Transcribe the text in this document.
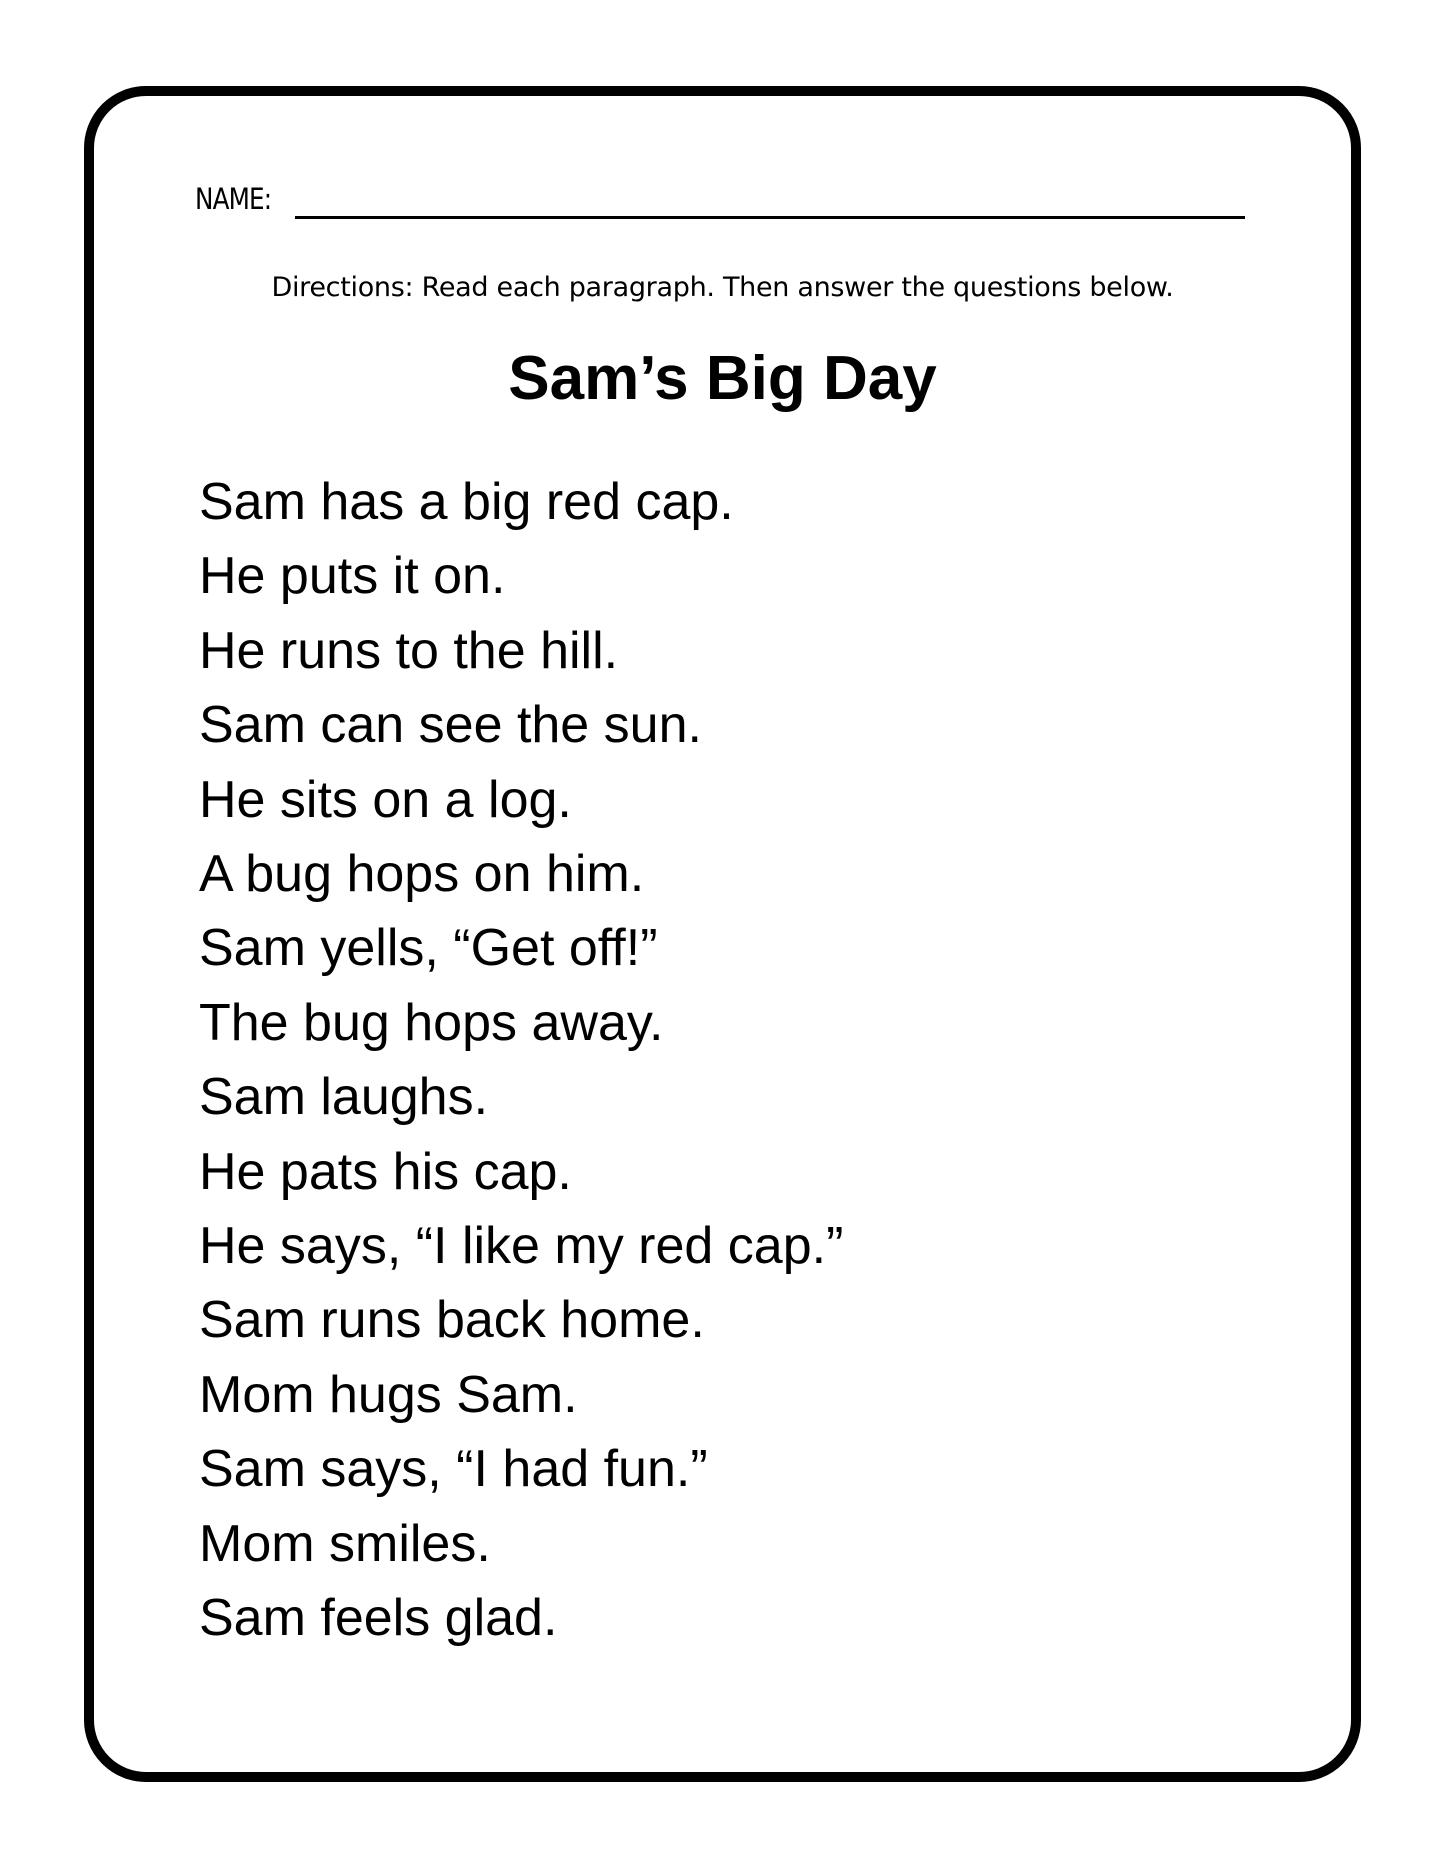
NAME:
Directions: Read each paragraph. Then answer the questions below.
Sam’s Big Day
Sam has a big red cap.
He puts it on.
He runs to the hill.
Sam can see the sun.
He sits on a log.
A bug hops on him.
Sam yells, “Get off!”
The bug hops away.
Sam laughs.
He pats his cap.
He says, “I like my red cap.”
Sam runs back home.
Mom hugs Sam.
Sam says, “I had fun.”
Mom smiles.
Sam feels glad.
